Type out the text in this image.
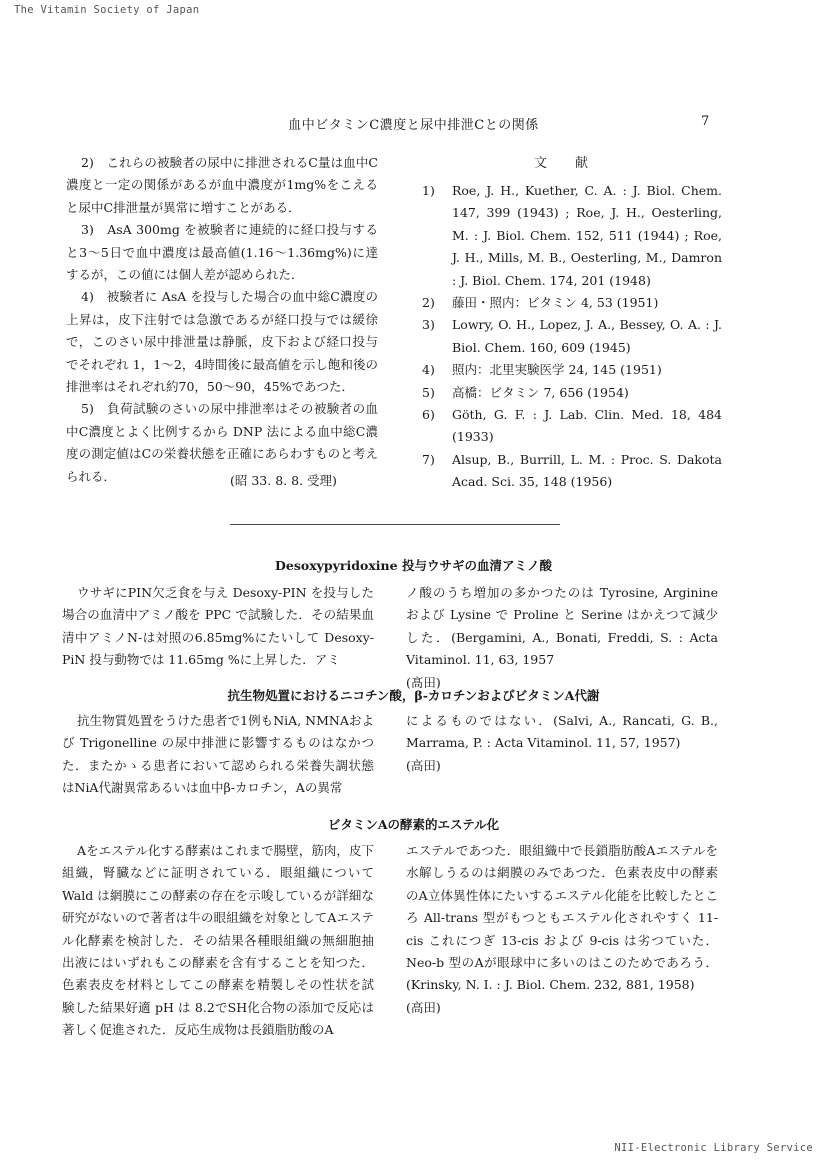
The Vitamin Society of Japan
NII-Electronic Library Service
血中ビタミンC濃度と尿中排泄Cとの関係	7

2)　これらの被験者の尿中に排泄されるC量は血中C濃度と一定の関係があるが血中濃度が1mg%をこえると尿中C排泄量が異常に増すことがある．

3)　AsA 300mg を被験者に連続的に経口投与すると3〜5日で血中濃度は最高値(1.16〜1.36mg%)に達するが，この値には個人差が認められた．

4)　被験者に AsA を投与した場合の血中総C濃度の上昇は，皮下注射では急激であるが経口投与では緩徐で，このさい尿中排泄量は静脈，皮下および経口投与でそれぞれ 1，1〜2，4時間後に最高値を示し飽和後の排泄率はそれぞれ約70，50〜90，45%であつた．

5)　負荷試験のさいの尿中排泄率はその被験者の血中C濃度とよく比例するから DNP 法による血中総C濃度の測定値はCの栄養状態を正確にあらわすものと考えられる．	(昭 33. 8. 8. 受理)
文献

1) Roe, J. H., Kuether, C. A. : J. Biol. Chem. 147, 399 (1943) ; Roe, J. H., Oesterling, M. : J. Biol. Chem. 152, 511 (1944) ; Roe, J. H., Mills, M. B., Oesterling, M., Damron : J. Biol. Chem. 174, 201 (1948)

2) 藤田・照内：ビタミン 4, 53 (1951)

3) Lowry, O. H., Lopez, J. A., Bessey, O. A. : J. Biol. Chem. 160, 609 (1945)

4) 照内：北里実験医学 24, 145 (1951)

5) 高橋：ビタミン 7, 656 (1954)

6) Göth, G. F. : J. Lab. Clin. Med. 18, 484 (1933)

7) Alsup, B., Burrill, L. M. : Proc. S. Dakota Acad. Sci. 35, 148 (1956)

Desoxypyridoxine 投与ウサギの血清アミノ酸

ウサギにPIN欠乏食を与え Desoxy-PIN を投与した場合の血清中アミノ酸を PPC で試験した．その結果血清中アミノN-は対照の6.85mg%にたいして Desoxy-PiN 投与動物では 11.65mg %に上昇した．アミ

ノ酸のうち増加の多かつたのは Tyrosine, Arginine および Lysine で Proline と Serine はかえつて減少した．(Bergamini, A., Bonati, Freddi, S. : Acta Vitaminol. 11, 63, 1957

(髙田)

抗生物処置におけるニコチン酸，β-カロチンおよびビタミンA代謝

抗生物質処置をうけた患者で1例もNiA, NMNAおよび Trigonelline の尿中排泄に影響するものはなかつた．またかゝる患者において認められる栄養失調状態はNiA代謝異常あるいは血中β-カロチン，Aの異常

によるものではない．(Salvi, A., Rancati, G. B., Marrama, P. : Acta Vitaminol. 11, 57, 1957)

(高田)

ビタミンAの酵素的エステル化

Aをエステル化する酵素はこれまで腸壁，筋肉，皮下組織，腎臓などに証明されている．眼組織について Wald は網膜にこの酵素の存在を示唆しているが詳細な研究がないので著者は牛の眼組織を対象としてAエステル化酵素を検討した．その結果各種眼組織の無細胞抽出液にはいずれもこの酵素を含有することを知つた．色素表皮を材料としてこの酵素を精製しその性状を試験した結果好適 pH は 8.2でSH化合物の添加で反応は著しく促進された．反応生成物は長鎖脂肪酸のA

エステルであつた．眼組織中で長鎖脂肪酸Aエステルを水解しうるのは網膜のみであつた．色素表皮中の酵素のA立体異性体にたいするエステル化能を比較したところ All-trans 型がもつともエステル化されやすく 11-cis これにつぎ 13-cis および 9-cis は劣つていた．Neo-b 型のAが眼球中に多いのはこのためであろう．(Krinsky, N. I. : J. Biol. Chem. 232, 881, 1958)

(高田)
